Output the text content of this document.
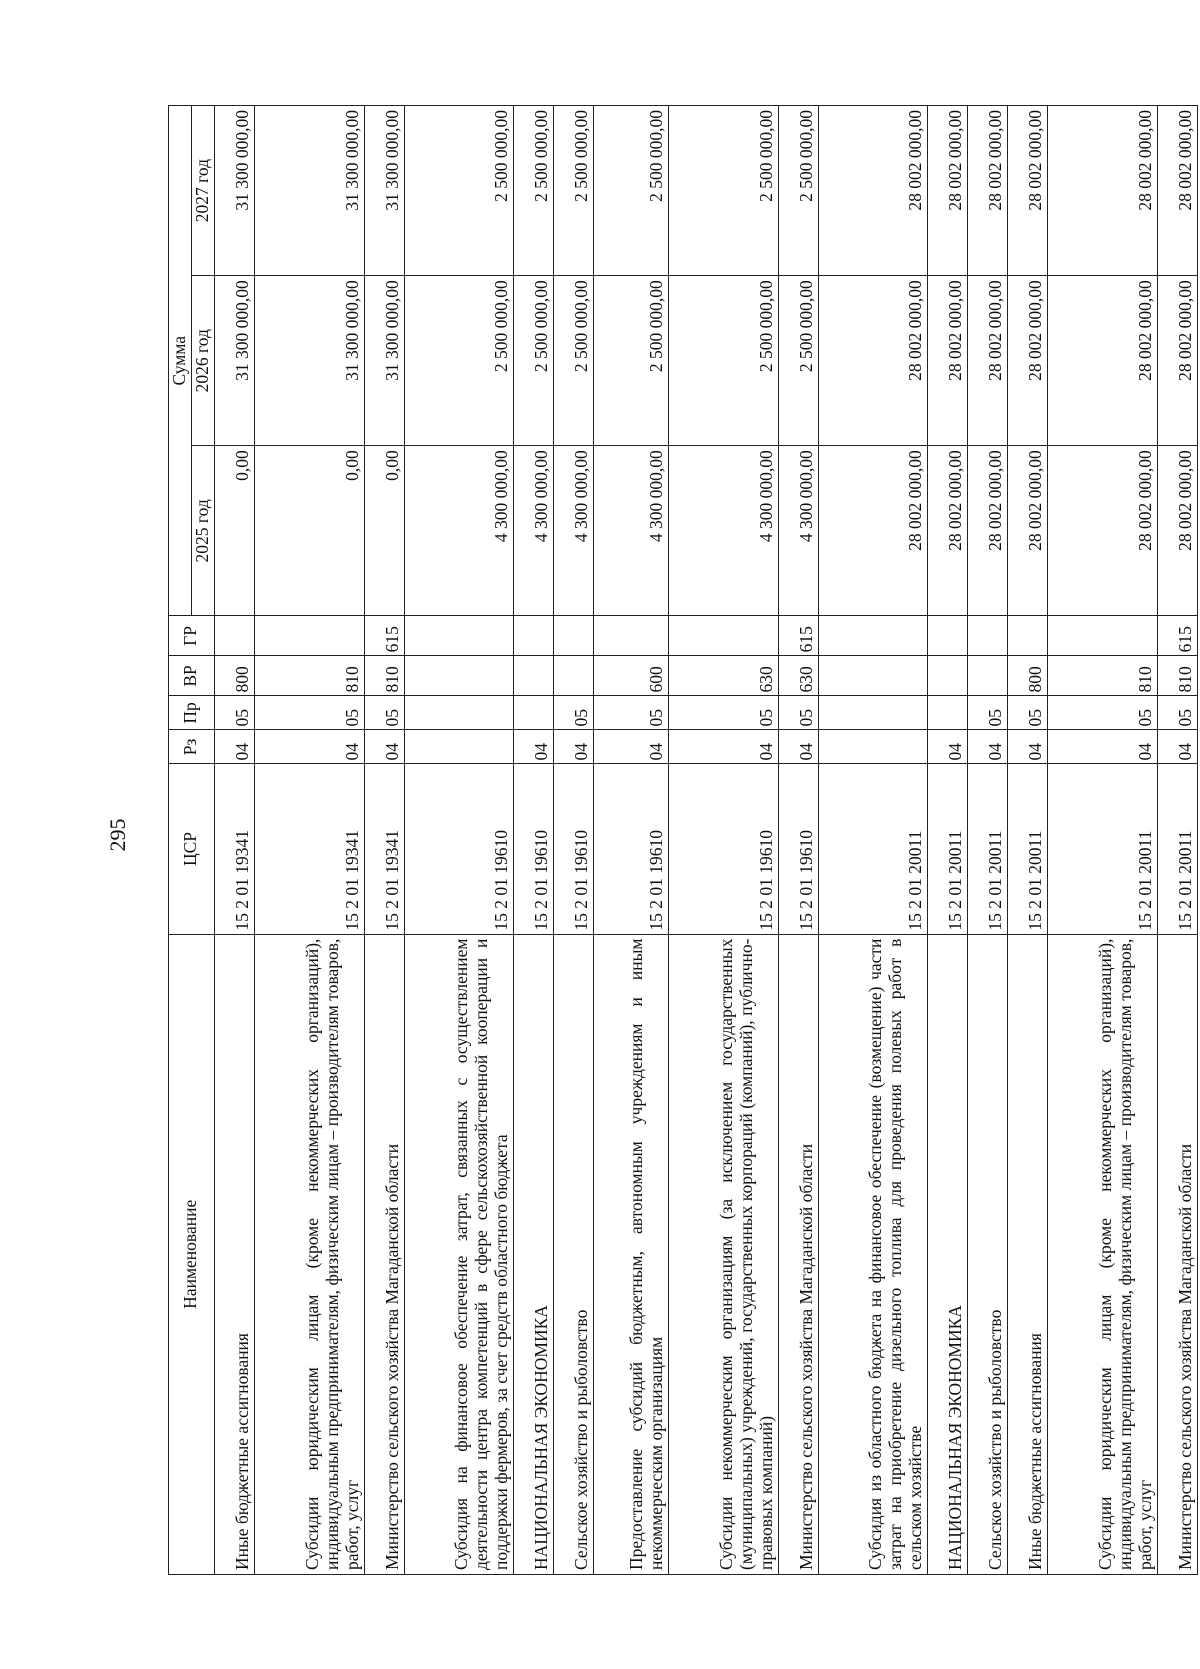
295
Наименование	ЦСР	Рз	Пр	ВР	ГР	Сумма		
						2025 год	2026 год	2027 год
Иные бюджетные ассигнования	15 2 01 19341	04	05	800		0,00	31 300 000,00	31 300 000,00
Субсидии юридическим лицам (кроме некоммерческих организаций), индивидуальным предпринимателям, физическим лицам – производителям товаров, работ, услуг	15 2 01 19341	04	05	810		0,00	31 300 000,00	31 300 000,00
Министерство сельского хозяйства Магаданской области	15 2 01 19341	04	05	810	615	0,00	31 300 000,00	31 300 000,00
Субсидия на финансовое обеспечение затрат, связанных с осуществлением деятельности центра компетенций в сфере сельскохозяйственной кооперации и поддержки фермеров, за счет средств областного бюджета	15 2 01 19610					4 300 000,00	2 500 000,00	2 500 000,00
НАЦИОНАЛЬНАЯ ЭКОНОМИКА	15 2 01 19610	04				4 300 000,00	2 500 000,00	2 500 000,00
Сельское хозяйство и рыболовство	15 2 01 19610	04	05			4 300 000,00	2 500 000,00	2 500 000,00
Предоставление субсидий бюджетным, автономным учреждениям и иным некоммерческим организациям	15 2 01 19610	04	05	600		4 300 000,00	2 500 000,00	2 500 000,00
Субсидии некоммерческим организациям (за исключением государственных (муниципальных) учреждений, государственных корпораций (компаний), публично-правовых компаний)	15 2 01 19610	04	05	630		4 300 000,00	2 500 000,00	2 500 000,00
Министерство сельского хозяйства Магаданской области	15 2 01 19610	04	05	630	615	4 300 000,00	2 500 000,00	2 500 000,00
Субсидия из областного бюджета на финансовое обеспечение (возмещение) части затрат на приобретение дизельного топлива для проведения полевых работ в сельском хозяйстве	15 2 01 20011					28 002 000,00	28 002 000,00	28 002 000,00
НАЦИОНАЛЬНАЯ ЭКОНОМИКА	15 2 01 20011	04				28 002 000,00	28 002 000,00	28 002 000,00
Сельское хозяйство и рыболовство	15 2 01 20011	04	05			28 002 000,00	28 002 000,00	28 002 000,00
Иные бюджетные ассигнования	15 2 01 20011	04	05	800		28 002 000,00	28 002 000,00	28 002 000,00
Субсидии юридическим лицам (кроме некоммерческих организаций), индивидуальным предпринимателям, физическим лицам – производителям товаров, работ, услуг	15 2 01 20011	04	05	810		28 002 000,00	28 002 000,00	28 002 000,00
Министерство сельского хозяйства Магаданской области	15 2 01 20011	04	05	810	615	28 002 000,00	28 002 000,00	28 002 000,00
